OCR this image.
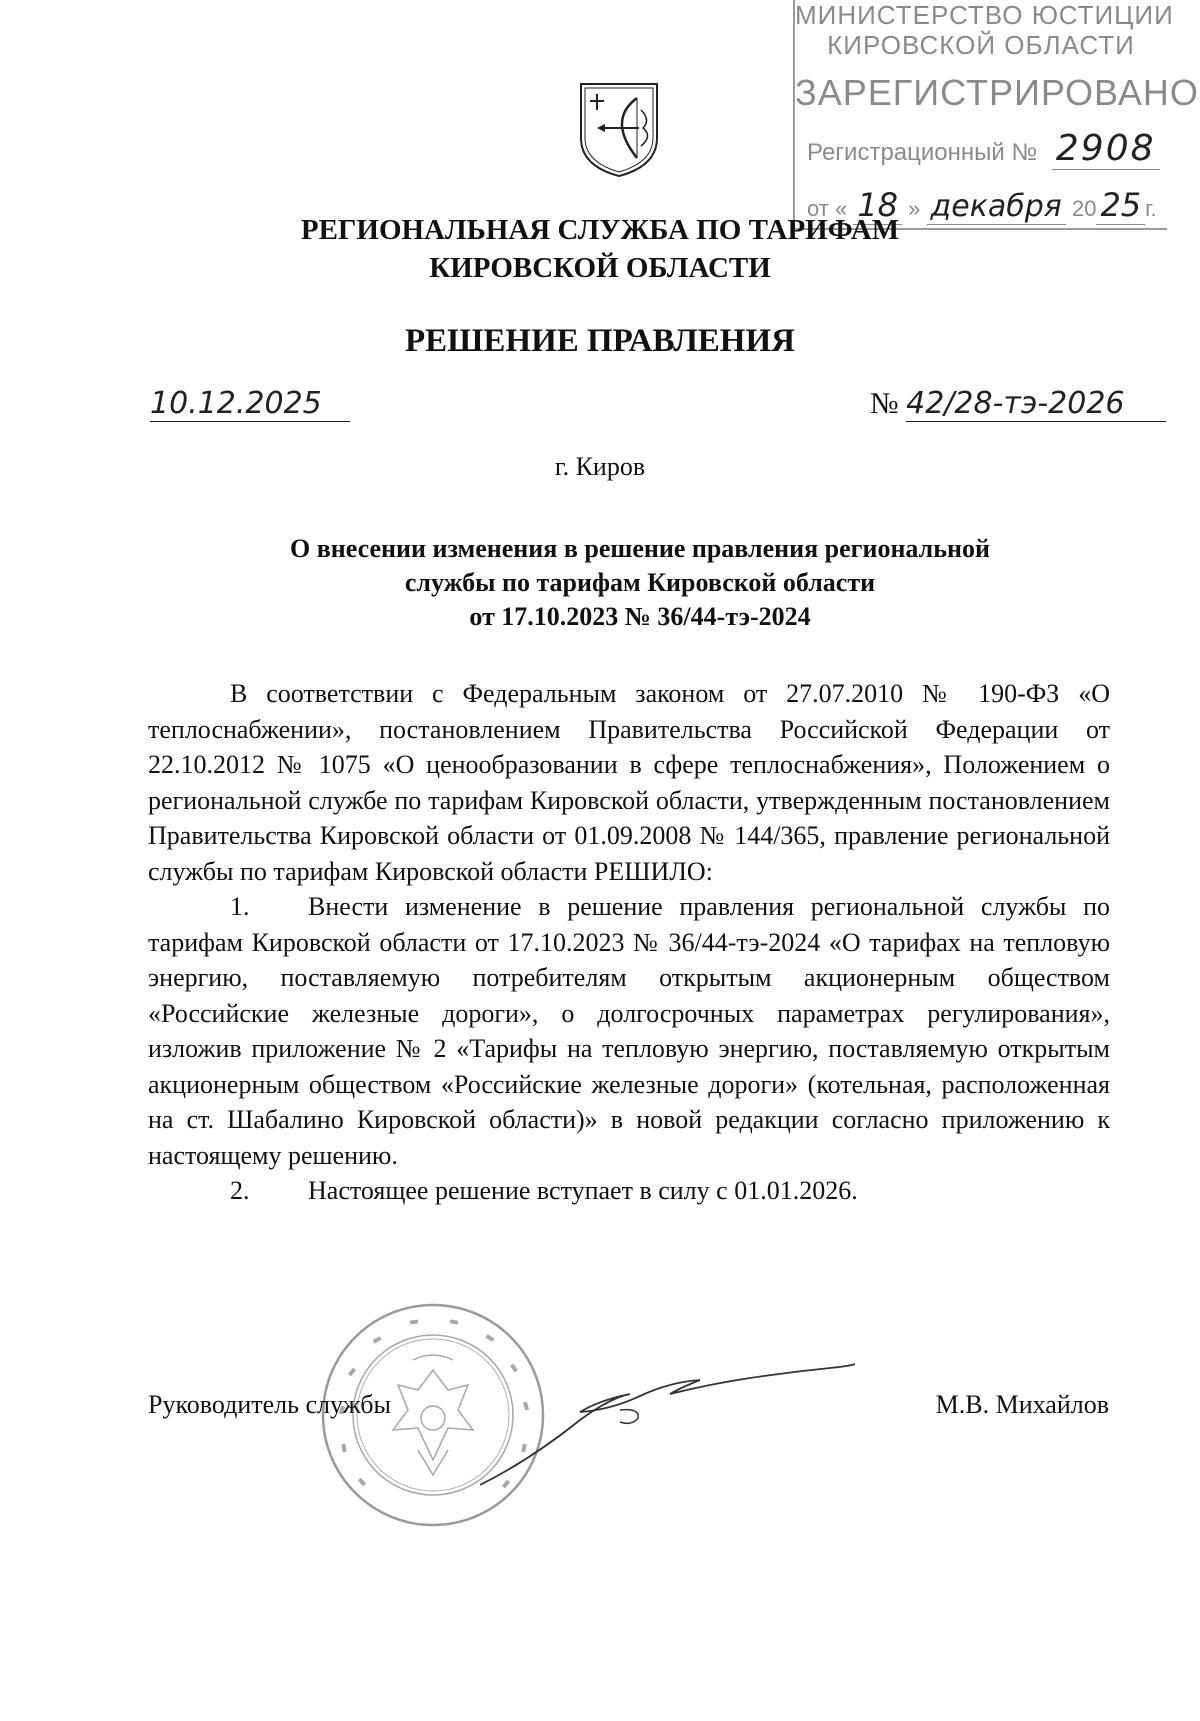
МИНИСТЕРСТВО ЮСТИЦИИ
КИРОВСКОЙ ОБЛАСТИ
ЗАРЕГИСТРИРОВАНО
Регистрационный № 2908
от « 18 » декабря 20 25 г.
РЕГИОНАЛЬНАЯ СЛУЖБА ПО ТАРИФАМ
КИРОВСКОЙ ОБЛАСТИ
РЕШЕНИЕ ПРАВЛЕНИЯ
10.12.2025	№ 42/28-тэ-2026
г. Киров
О внесении изменения в решение правления региональной
службы по тарифам Кировской области
от 17.10.2023 № 36/44-тэ-2024

В соответствии с Федеральным законом от 27.07.2010 № 190-ФЗ «О теплоснабжении», постановлением Правительства Российской Федерации от 22.10.2012 № 1075 «О ценообразовании в сфере теплоснабжения», Положением о региональной службе по тарифам Кировской области, утвержденным постановлением Правительства Кировской области от 01.09.2008 № 144/365, правление региональной службы по тарифам Кировской области РЕШИЛО:

1.	Внести изменение в решение правления региональной службы по тарифам Кировской области от 17.10.2023 № 36/44-тэ-2024 «О тарифах на тепловую энергию, поставляемую потребителям открытым акционерным обществом «Российские железные дороги», о долгосрочных параметрах регулирования», изложив приложение № 2 «Тарифы на тепловую энергию, поставляемую открытым акционерным обществом «Российские железные дороги» (котельная, расположенная на ст. Шабалино Кировской области)» в новой редакции согласно приложению к настоящему решению.

2.	Настоящее решение вступает в силу с 01.01.2026.

Руководитель службы	М.В. Михайлов
